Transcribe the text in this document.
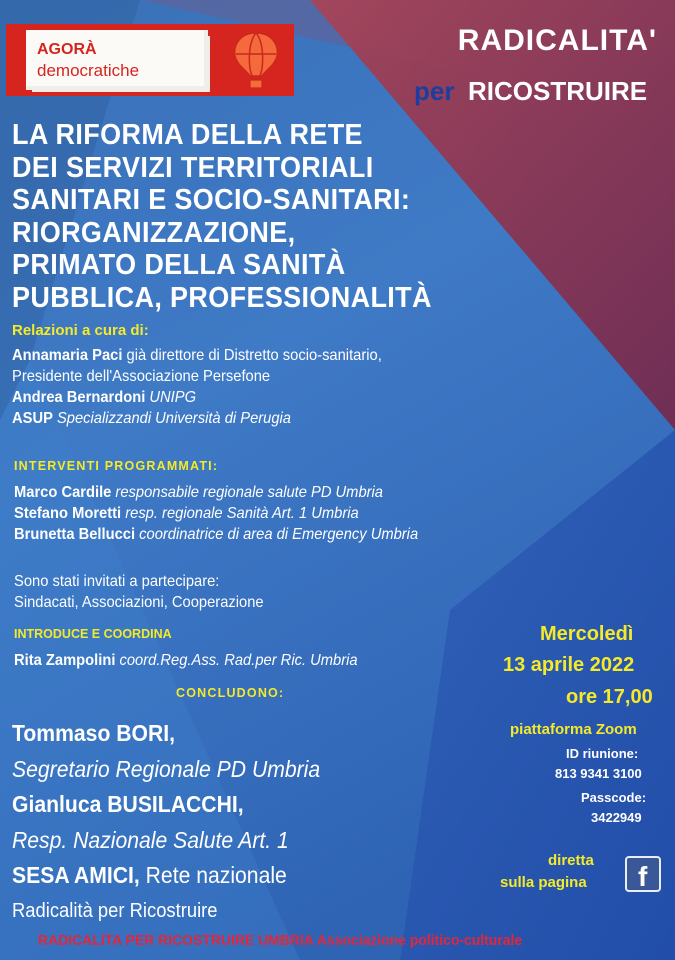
AGORÀ
democratiche
RADICALITA'
per RICOSTRUIRE
LA RIFORMA DELLA RETE
DEI SERVIZI TERRITORIALI
SANITARI E SOCIO-SANITARI:
RIORGANIZZAZIONE,
PRIMATO DELLA SANITÀ
PUBBLICA, PROFESSIONALITÀ
Relazioni a cura di:
Annamaria Paci già direttore di Distretto socio-sanitario,
Presidente dell'Associazione Persefone
Andrea Bernardoni UNIPG
ASUP Specializzandi Università di Perugia
INTERVENTI PROGRAMMATI:
Marco Cardile responsabile regionale salute PD Umbria
Stefano Moretti resp. regionale Sanità Art. 1 Umbria
Brunetta Bellucci coordinatrice di area di Emergency Umbria
Sono stati invitati a partecipare:
Sindacati, Associazioni, Cooperazione
INTRODUCE E COORDINA
Rita Zampolini coord.Reg.Ass. Rad.per Ric. Umbria
CONCLUDONO:
Tommaso BORI,
Segretario Regionale PD Umbria
Gianluca BUSILACCHI,
Resp. Nazionale Salute Art. 1
SESA AMICI, Rete nazionale
Radicalità per Ricostruire
Mercoledì
13 aprile 2022
ore 17,00
piattaforma Zoom
ID riunione:
813 9341 3100
Passcode:
3422949
diretta
sulla pagina f
RADICALITA PER RICOSTRUIRE UMBRIA Associazione politico-culturale
